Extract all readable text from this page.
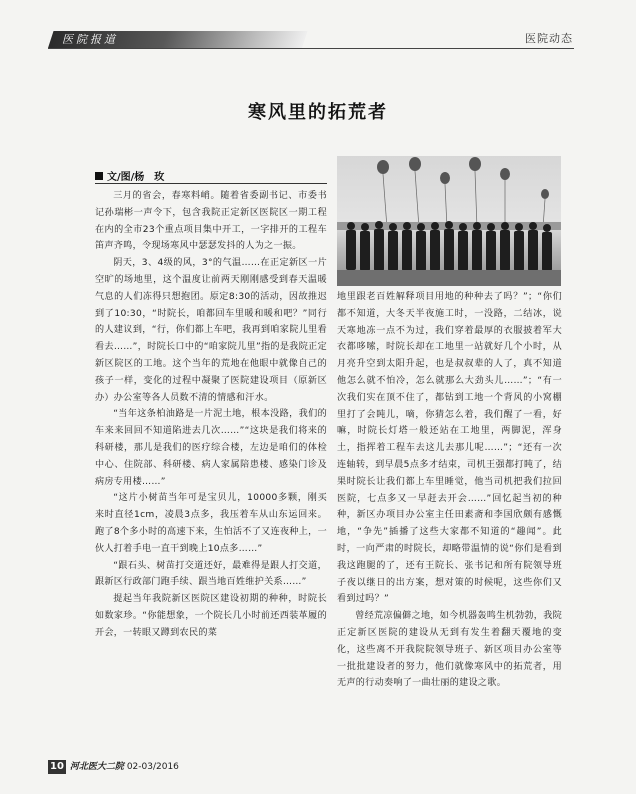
医院报道	医院动态
寒风里的拓荒者
文/图/杨　玫

三月的省会，春寒料峭。随着省委副书记、市委书记孙瑞彬一声令下，包含我院正定新区医院区一期工程在内的全市23个重点项目集中开工，一字排开的工程车笛声齐鸣，令现场寒风中瑟瑟发抖的人为之一振。

阴天，3、4级的风，3°的气温……在正定新区一片空旷的场地里，这个温度让前两天刚刚感受到春天温暖气息的人们冻得只想抱团。原定8:30的活动，因故推迟到了10:30，“时院长，咱都回车里暖和暖和吧？”同行的人建议到，“行，你们都上车吧，我再到咱家院儿里看看去……”，时院长口中的“咱家院儿里”指的是我院正定新区院区的工地。这个当年的荒地在他眼中就像自己的孩子一样，变化的过程中凝聚了医院建设项目（原新区办）办公室等各人员数不清的情感和汗水。

“当年这条柏油路是一片泥土地，根本没路，我们的车来来回回不知道陷进去几次……”“这块是我们将来的科研楼，那儿是我们的医疗综合楼，左边是咱们的体检中心、住院部、科研楼、病人家属陪患楼、感染门诊及病房专用楼……”

“这片小树苗当年可是宝贝儿，10000多颗，刚买来时直径1cm，凌晨3点多，我压着车从山东运回来。跑了8个多小时的高速下来，生怕活不了又连夜种上，一伙人打着手电一直干到晚上10点多……”

“跟石头、树苗打交道还好，最难得是跟人打交道，跟新区行政部门跑手续、跟当地百姓维护关系……”

提起当年我院新区医院区建设初期的种种，时院长如数家珍。“你能想象，一个院长几小时前还西装革履的开会，一转眼又蹲到农民的菜

地里跟老百姓解释项目用地的种种去了吗？”；“你们都不知道，大冬天半夜施工时，一没路，二结冰，说天寒地冻一点不为过，我们穿着最厚的衣服披着军大衣都哆嗦，时院长却在工地里一站就好几个小时，从月亮升空到太阳升起，也是叔叔辈的人了，真不知道他怎么就不怕冷，怎么就那么大劲头儿……”；“有一次我们实在顶不住了，都钻到工地一个背风的小窝棚里打了会盹儿，嘀，你猜怎么着，我们醒了一看，好嘛，时院长灯塔一般还站在工地里，两脚泥，浑身土，指挥着工程车去这儿去那儿呢……”；“还有一次连轴转，到早晨5点多才结束，司机王强都打盹了，结果时院长让我们都上车里睡觉，他当司机把我们拉回医院，七点多又一早赶去开会……”回忆起当初的种种，新区办项目办公室主任田素斋和李国欣颇有感慨地，“争先”插播了这些大家都不知道的“趣闻”。此时，一向严肃的时院长，却略带温情的说“你们是看到我这跑腿的了，还有王院长、张书记和所有院领导班子夜以继日的出方案，想对策的时候呢，这些你们又看到过吗？”

曾经荒凉偏僻之地，如今机器轰鸣生机勃勃，我院正定新区医院的建设从无到有发生着翻天覆地的变化，这些离不开我院院领导班子、新区项目办公室等一批批建设者的努力，他们就像寒风中的拓荒者，用无声的行动奏响了一曲壮丽的建设之歌。

10 河北医大二院 02-03/2016
